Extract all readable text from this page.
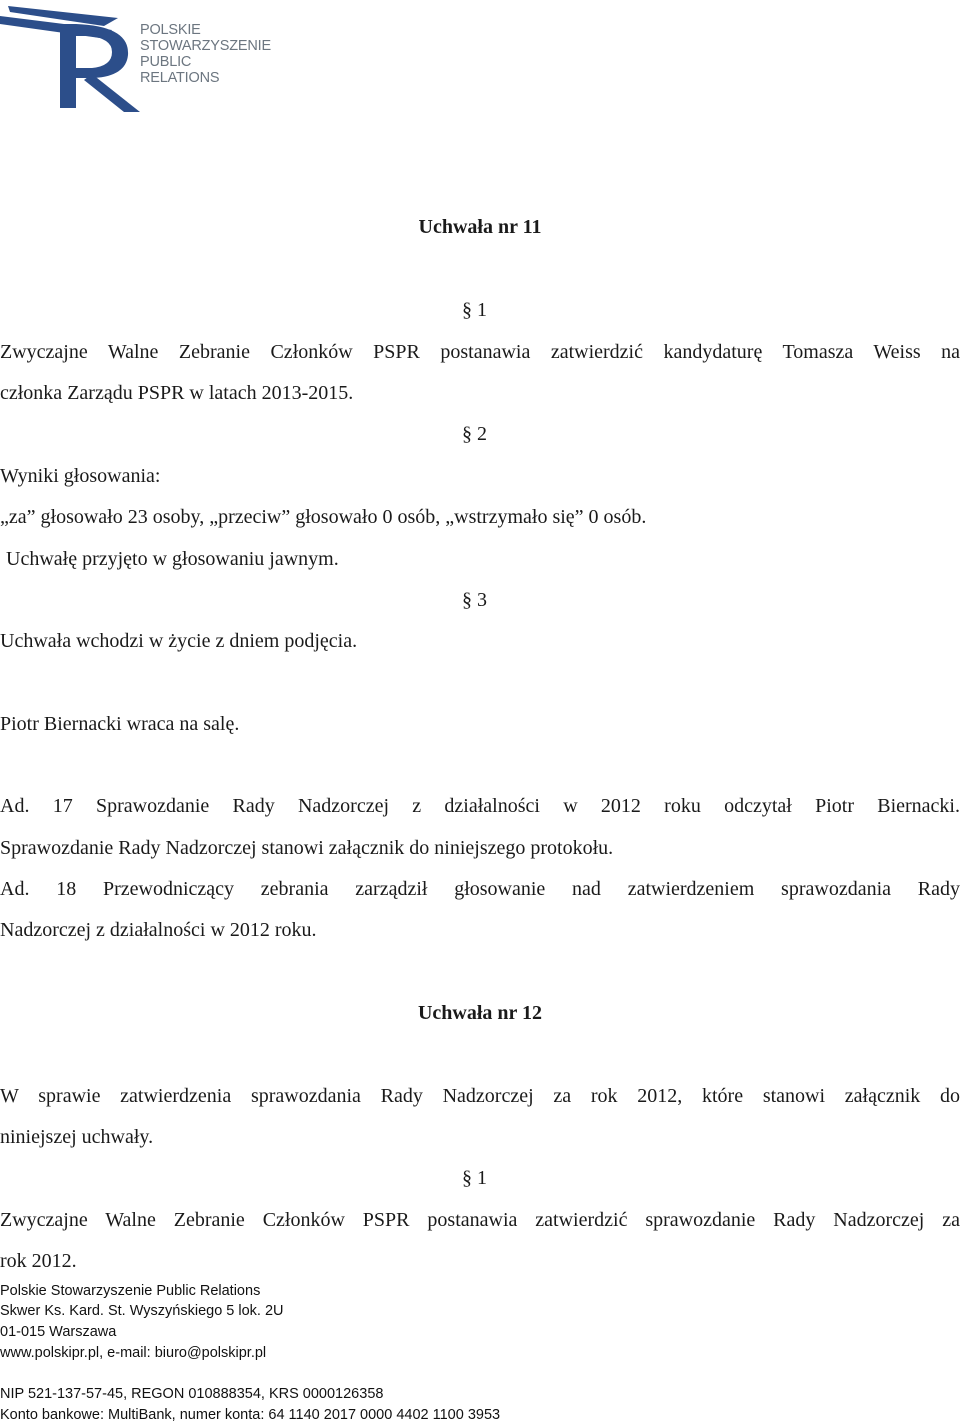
POLSKIE
STOWARZYSZENIE
PUBLIC
RELATIONS
Uchwała nr 11
§ 1
Zwyczajne Walne Zebranie Członków PSPR postanawia zatwierdzić kandydaturę Tomasza Weiss na
członka Zarządu PSPR w latach 2013-2015.
§ 2
Wyniki głosowania:
„za” głosowało 23 osoby, „przeciw” głosowało 0 osób, „wstrzymało się” 0 osób.
Uchwałę przyjęto w głosowaniu jawnym.
§ 3
Uchwała wchodzi w życie z dniem podjęcia.
Piotr Biernacki wraca na salę.
Ad. 17 Sprawozdanie Rady Nadzorczej z działalności w 2012 roku odczytał Piotr Biernacki.
Sprawozdanie Rady Nadzorczej stanowi załącznik do niniejszego protokołu.
Ad. 18 Przewodniczący zebrania zarządził głosowanie nad zatwierdzeniem sprawozdania Rady
Nadzorczej z działalności w 2012 roku.
Uchwała nr 12
W sprawie zatwierdzenia sprawozdania Rady Nadzorczej za rok 2012, które stanowi załącznik do
niniejszej uchwały.
§ 1
Zwyczajne Walne Zebranie Członków PSPR postanawia zatwierdzić sprawozdanie Rady Nadzorczej za
rok 2012.
Polskie Stowarzyszenie Public Relations
Skwer Ks. Kard. St. Wyszyńskiego 5 lok. 2U
01-015 Warszawa
www.polskipr.pl, e-mail: biuro@polskipr.pl
NIP 521-137-57-45, REGON 010888354, KRS 0000126358
Konto bankowe: MultiBank, numer konta: 64 1140 2017 0000 4402 1100 3953
